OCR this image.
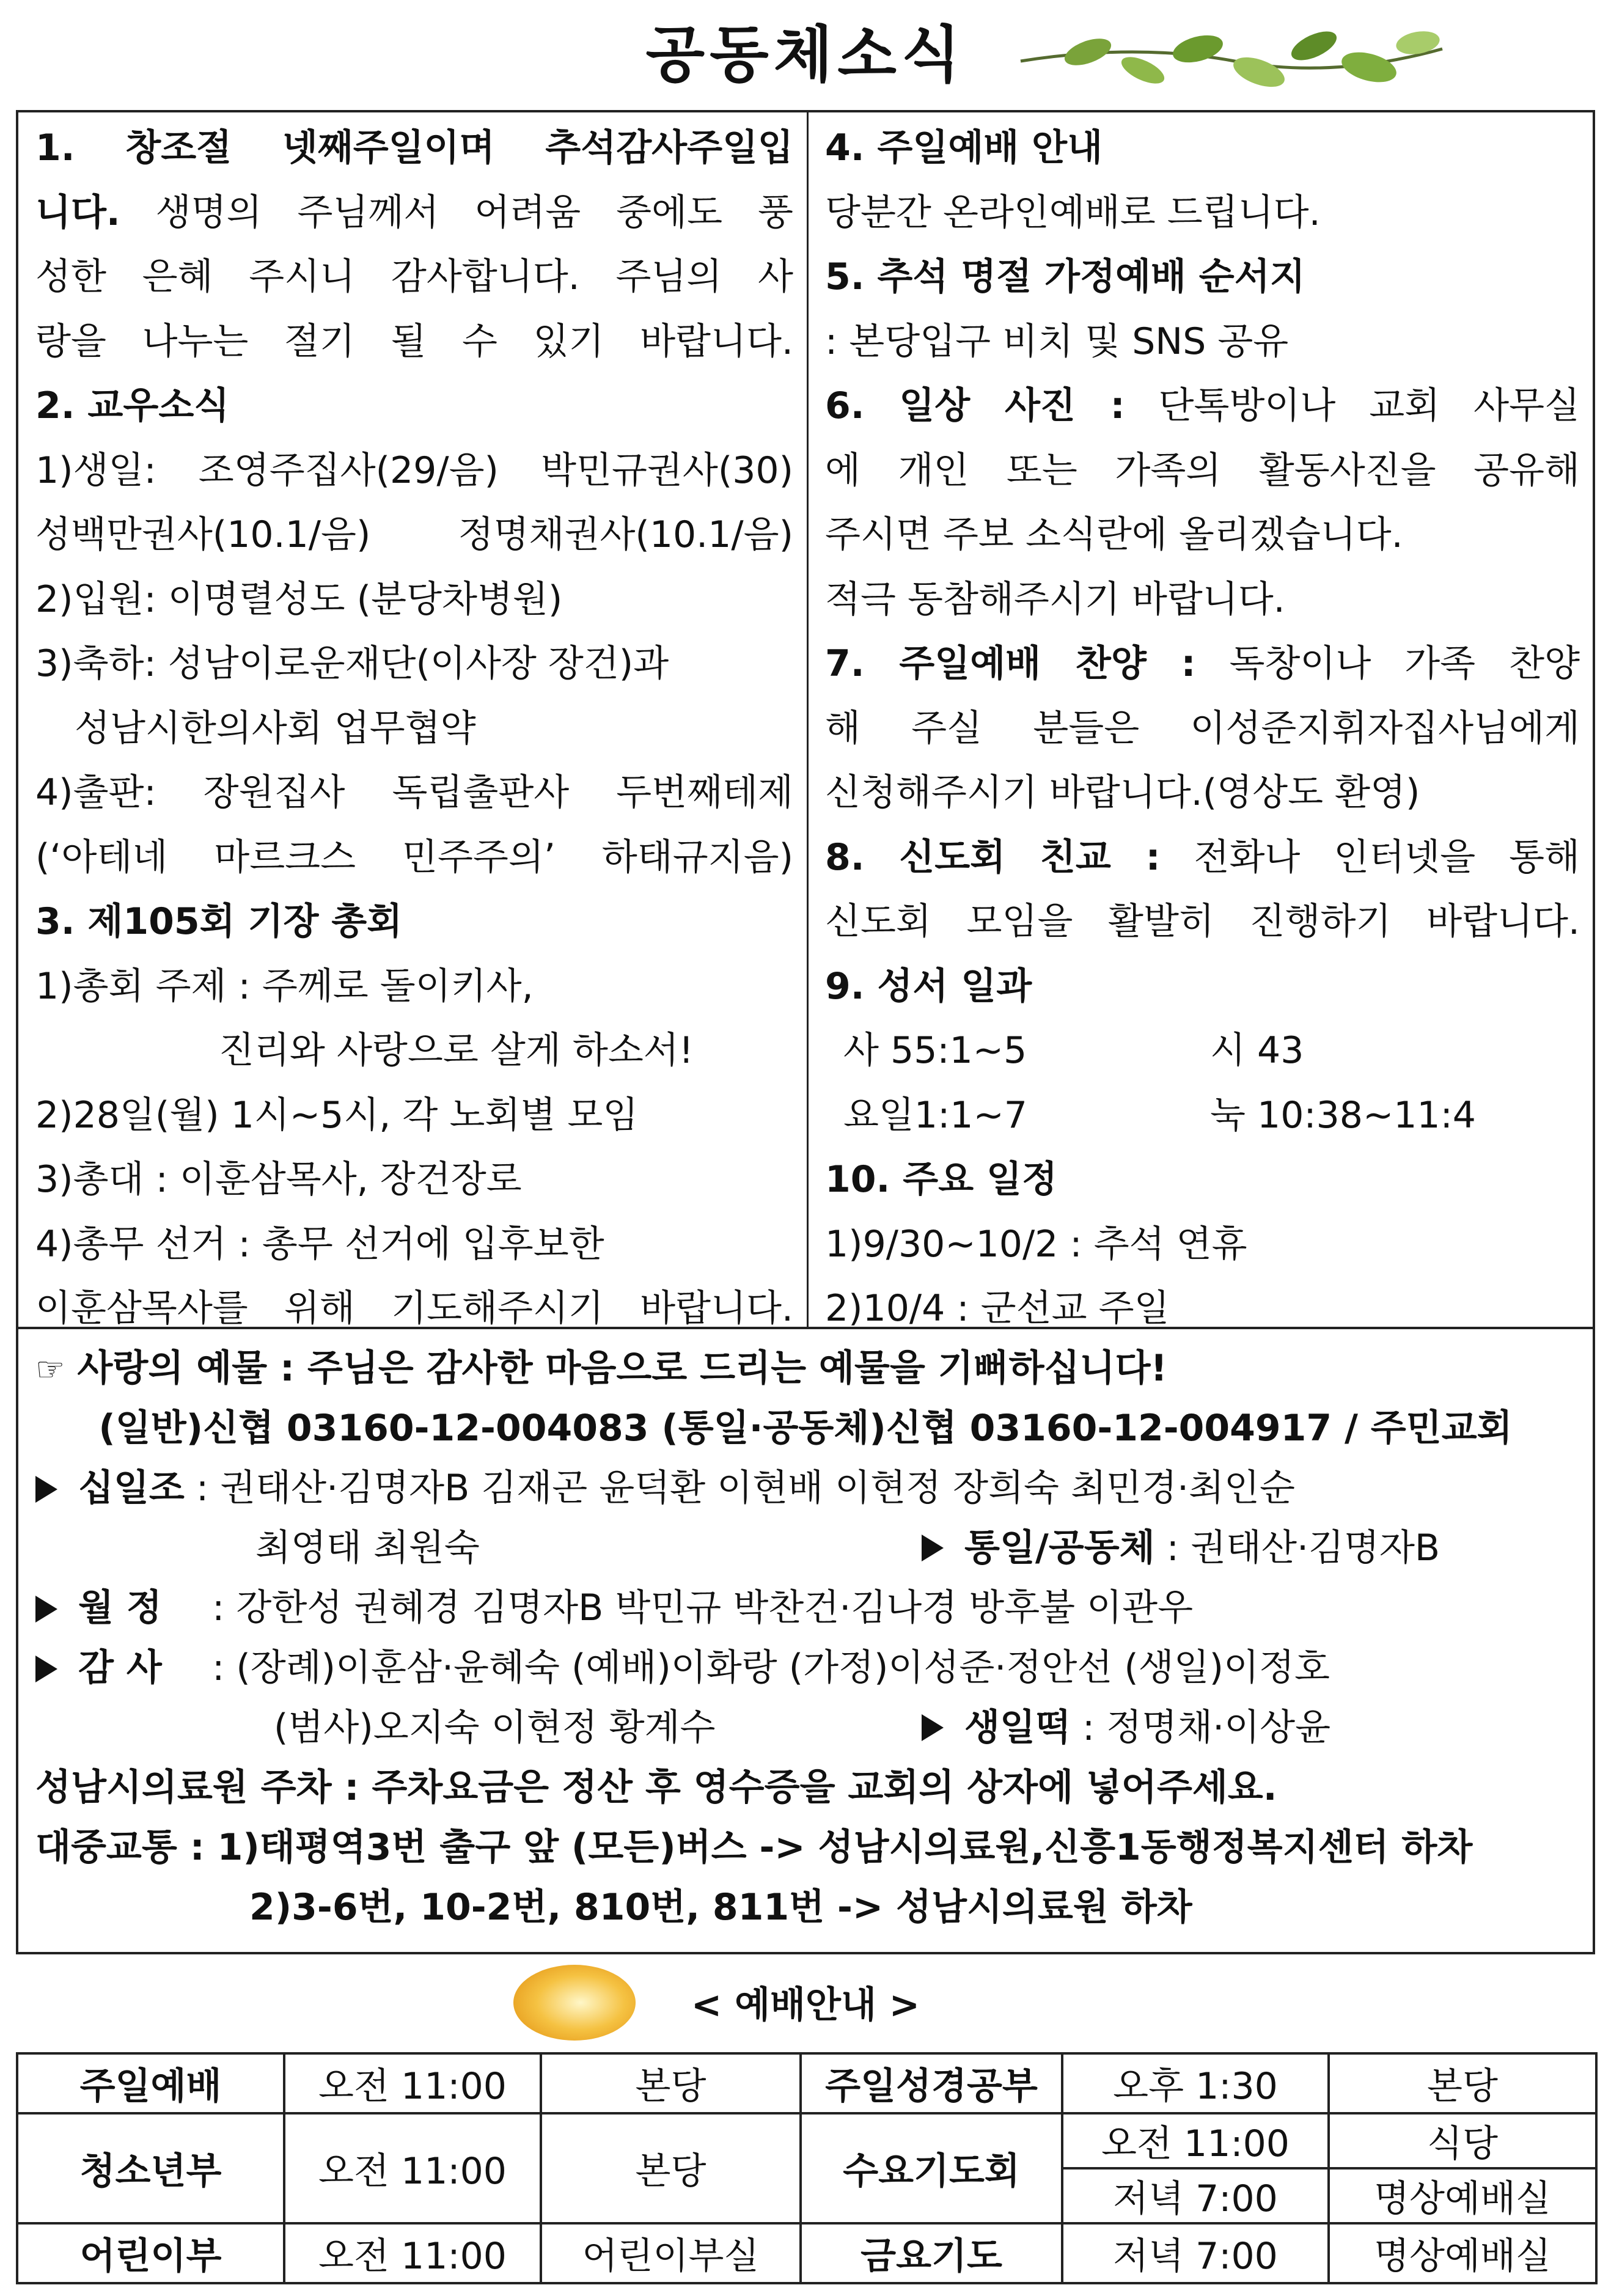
공동체소식
1. 창조절 넷째주일이며 추석감사주일입
니다. 생명의 주님께서 어려움 중에도 풍
성한 은혜 주시니 감사합니다. 주님의 사
랑을 나누는 절기 될 수 있기 바랍니다.
2. 교우소식
1)생일: 조영주집사(29/음) 박민규권사(30)
성백만권사(10.1/음) 정명채권사(10.1/음)
2)입원: 이명렬성도 (분당차병원)
3)축하: 성남이로운재단(이사장 장건)과
성남시한의사회 업무협약
4)출판: 장원집사 독립출판사 두번째테제
(‘아테네 마르크스 민주주의’ 하태규지음)
3. 제105회 기장 총회
1)총회 주제 : 주께로 돌이키사,
진리와 사랑으로 살게 하소서!
2)28일(월) 1시~5시, 각 노회별 모임
3)총대 : 이훈삼목사, 장건장로
4)총무 선거 : 총무 선거에 입후보한
이훈삼목사를 위해 기도해주시기 바랍니다.
4. 주일예배 안내
당분간 온라인예배로 드립니다.
5. 추석 명절 가정예배 순서지
: 본당입구 비치 및 SNS 공유
6. 일상 사진 : 단톡방이나 교회 사무실
에 개인 또는 가족의 활동사진을 공유해
주시면 주보 소식란에 올리겠습니다.
적극 동참해주시기 바랍니다.
7. 주일예배 찬양 : 독창이나 가족 찬양
해 주실 분들은 이성준지휘자집사님에게
신청해주시기 바랍니다.(영상도 환영)
8. 신도회 친교 : 전화나 인터넷을 통해
신도회 모임을 활발히 진행하기 바랍니다.
9. 성서 일과
사 55:1~5	시 43
요일1:1~7	눅 10:38~11:4
10. 주요 일정
1)9/30~10/2 : 추석 연휴
2)10/4 : 군선교 주일
☞ 사랑의 예물 : 주님은 감사한 마음으로 드리는 예물을 기뻐하십니다!
(일반)신협 03160-12-004083 (통일·공동체)신협 03160-12-004917 / 주민교회
십일조 : 권태산·김명자B 김재곤 윤덕환 이현배 이현정 장희숙 최민경·최인순
최영태 최원숙	통일/공동체 : 권태산·김명자B
월 정 : 강한성 권혜경 김명자B 박민규 박찬건·김나경 방후불 이관우
감 사 : (장례)이훈삼·윤혜숙 (예배)이화랑 (가정)이성준·정안선 (생일)이정호
(범사)오지숙 이현정 황계수	생일떡 : 정명채·이상윤
성남시의료원 주차 : 주차요금은 정산 후 영수증을 교회의 상자에 넣어주세요.
대중교통 : 1)태평역3번 출구 앞 (모든)버스 -> 성남시의료원,신흥1동행정복지센터 하차
2)3-6번, 10-2번, 810번, 811번 -> 성남시의료원 하차
< 예배안내 >
주일예배	오전 11:00	본당	주일성경공부	오후 1:30	본당
청소년부	오전 11:00	본당	수요기도회	오전 11:00	식당
				저녁 7:00	명상예배실
어린이부	오전 11:00	어린이부실	금요기도	저녁 7:00	명상예배실
